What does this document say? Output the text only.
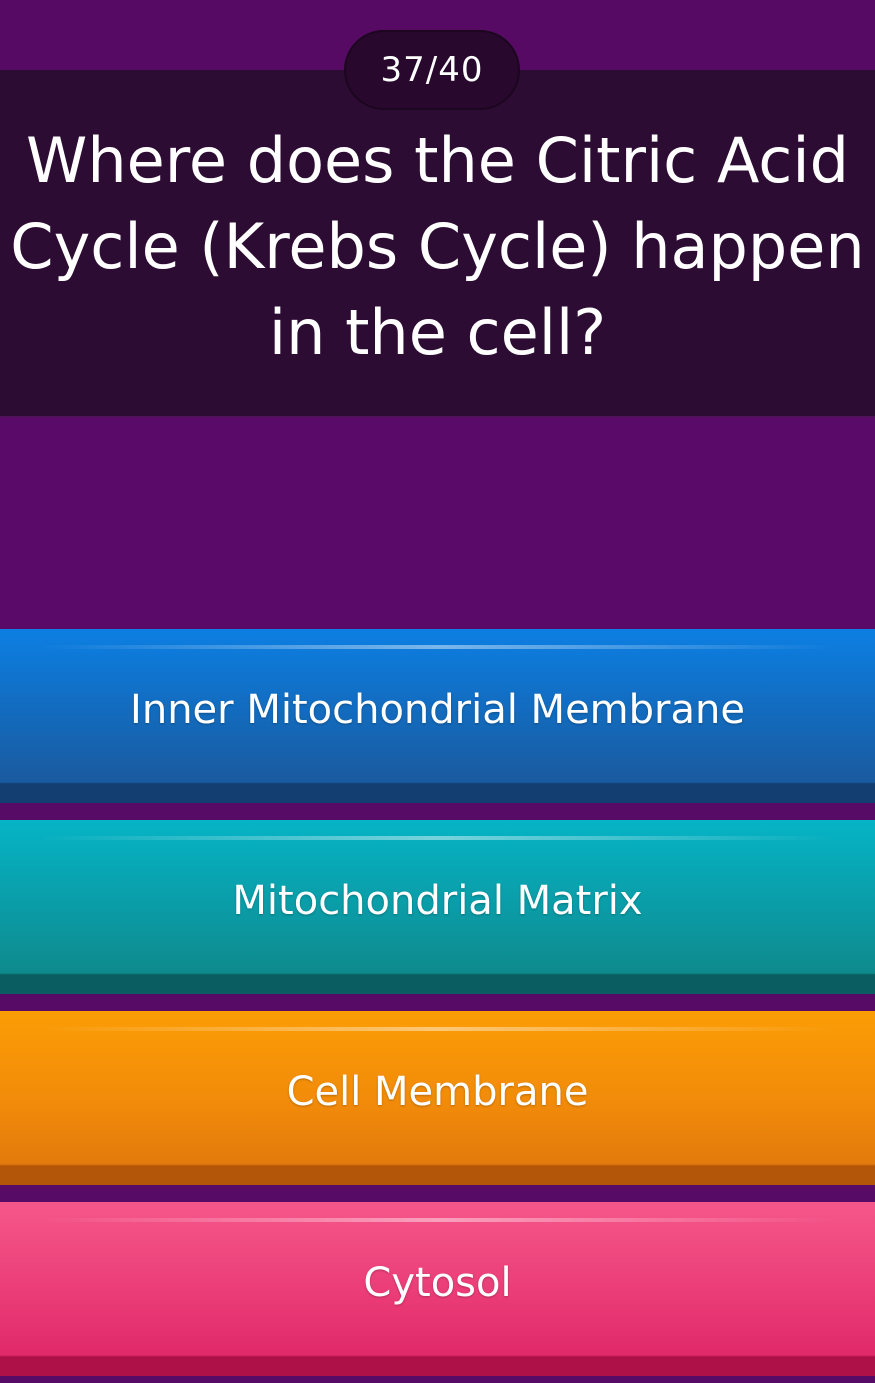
37/40
Where does the Citric Acid Cycle (Krebs Cycle) happen in the cell?
Inner Mitochondrial Membrane
Mitochondrial Matrix
Cell Membrane
Cytosol
